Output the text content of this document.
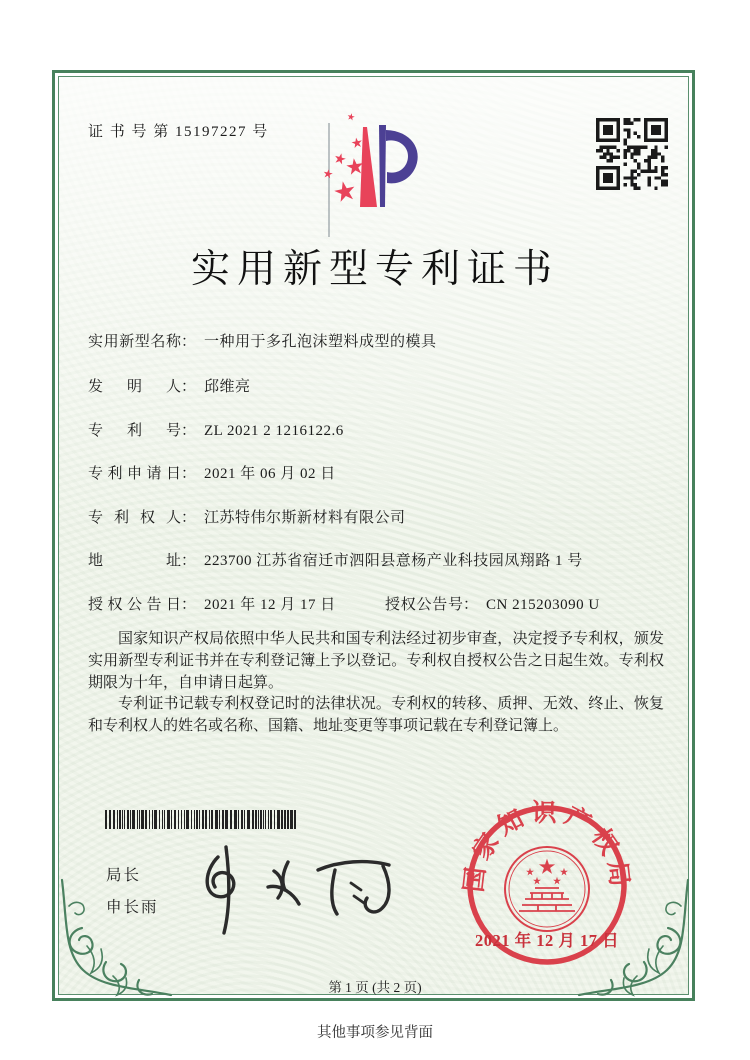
证 书 号 第 15197227 号
实用新型专利证书
实用新型名称： 一种用于多孔泡沫塑料成型的模具
发明人： 邱维亮
专利号： ZL 2021 2 1216122.6
专利申请日： 2021 年 06 月 02 日
专利权人： 江苏特伟尔斯新材料有限公司
地址： 223700 江苏省宿迁市泗阳县意杨产业科技园凤翔路 1 号
授权公告日： 2021 年 12 月 17 日	授权公告号： CN 215203090 U

国家知识产权局依照中华人民共和国专利法经过初步审查，决定授予专利权，颁发实用新型专利证书并在专利登记簿上予以登记。专利权自授权公告之日起生效。专利权期限为十年，自申请日起算。

专利证书记载专利权登记时的法律状况。专利权的转移、质押、无效、终止、恢复和专利权人的姓名或名称、国籍、地址变更等事项记载在专利登记簿上。

局长
申长雨
国家知识产权局
2021 年 12 月 17 日
第 1 页 (共 2 页)
其他事项参见背面
